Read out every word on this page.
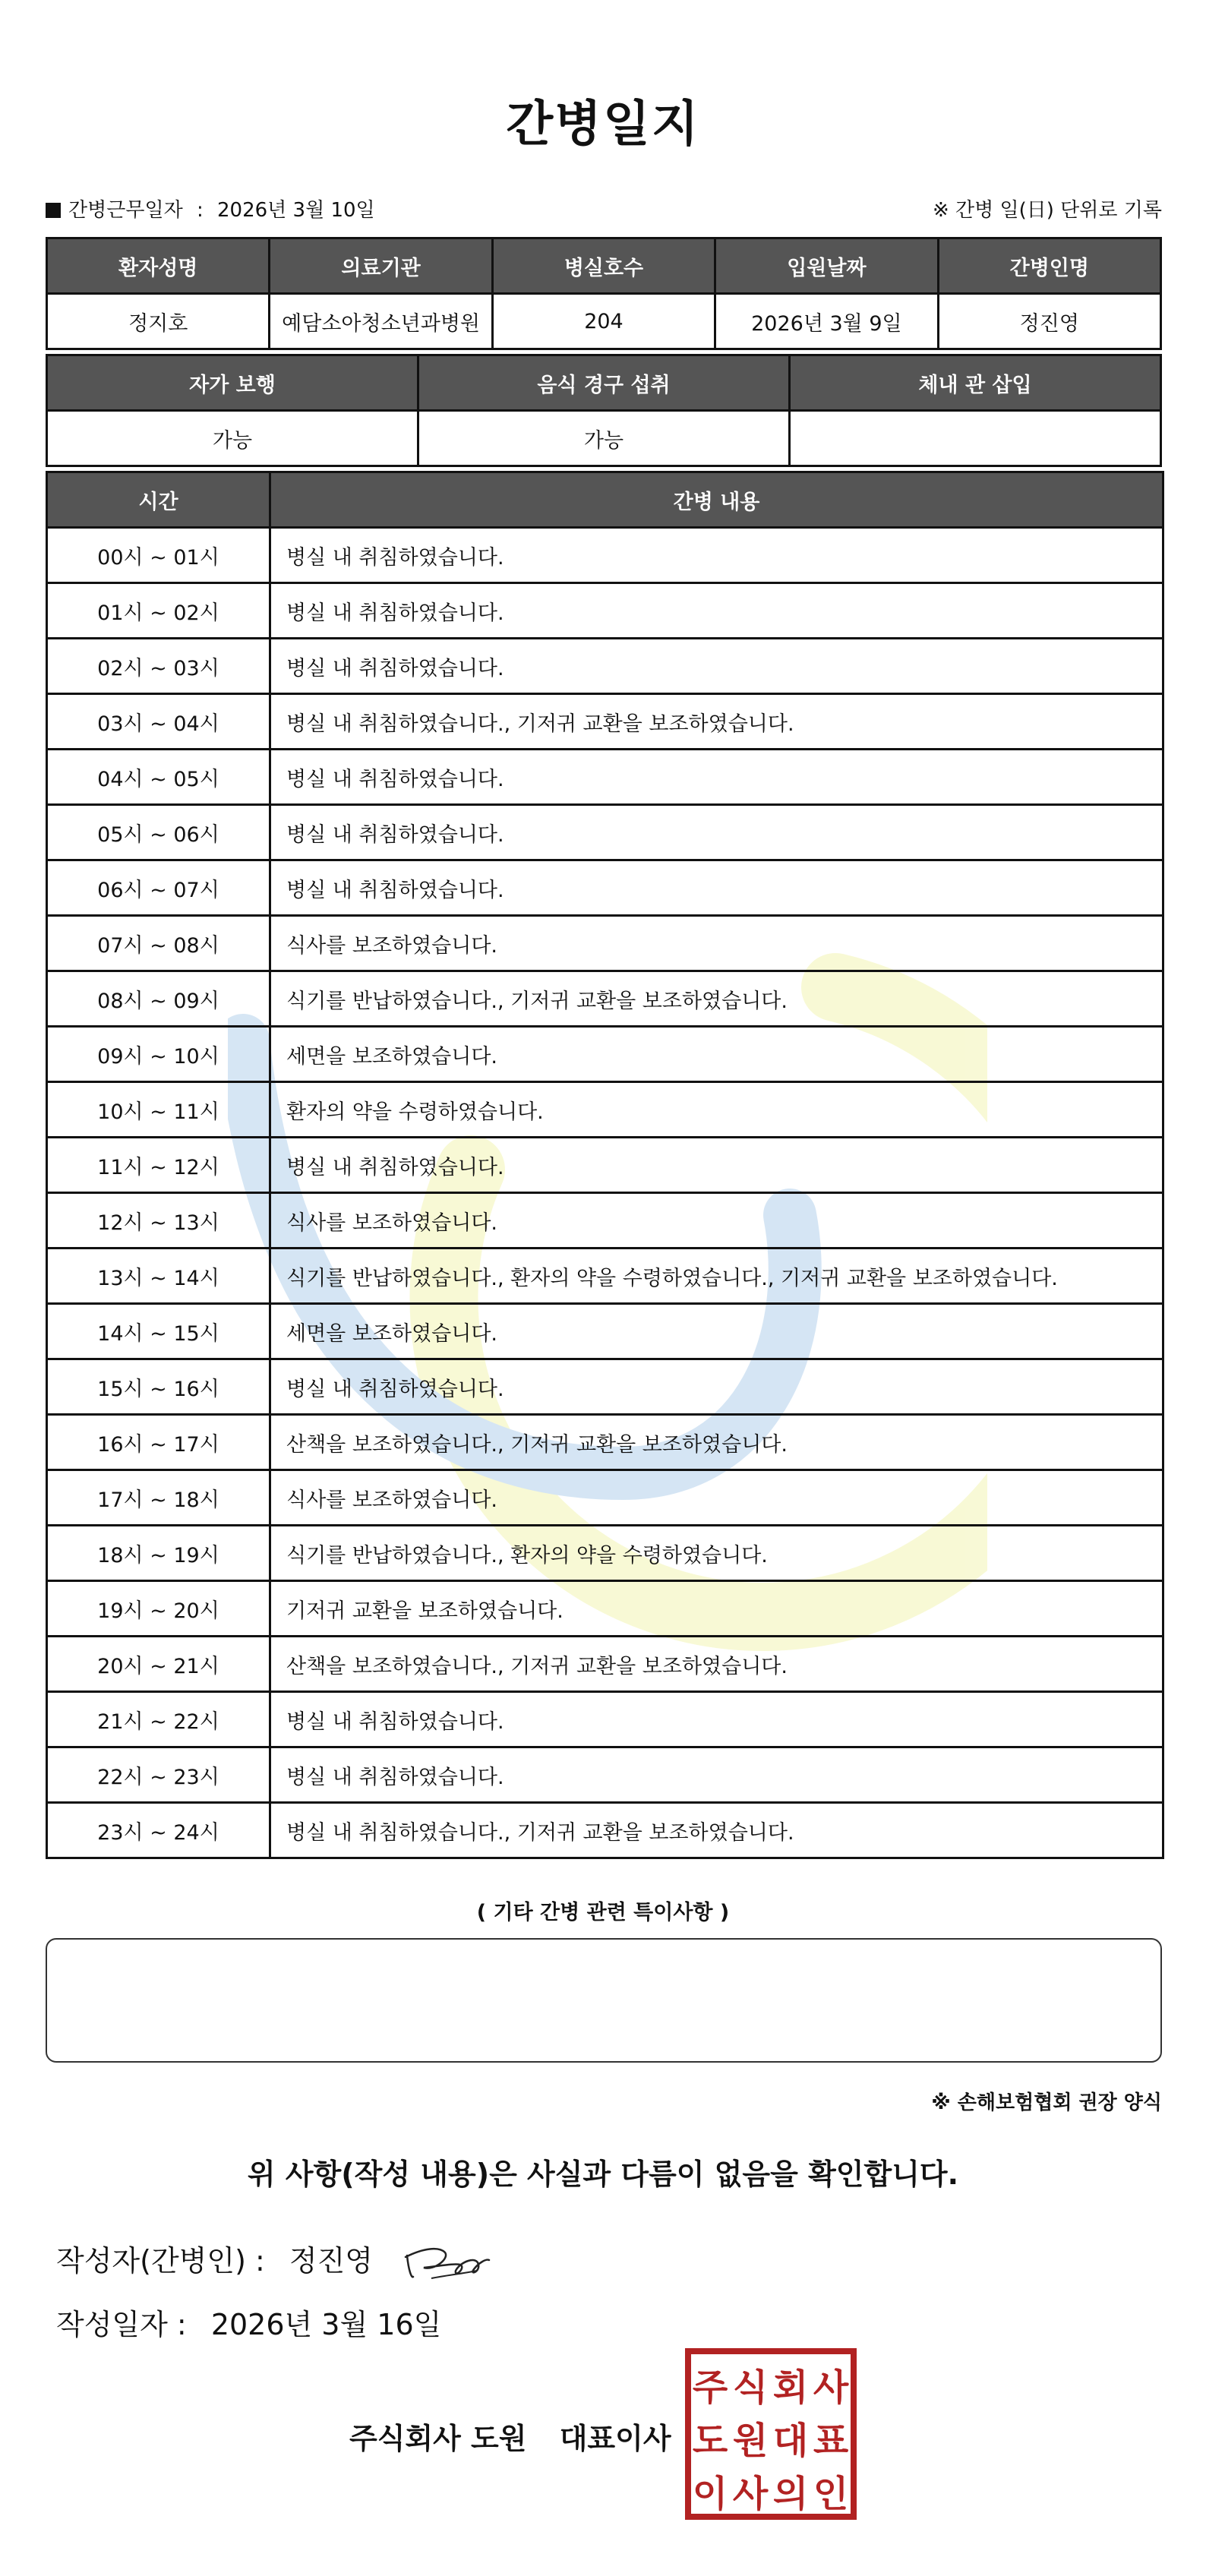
간병일지
간병근무일자 : 2026년 3월 10일	※ 간병 일(日) 단위로 기록
환자성명	의료기관	병실호수	입원날짜	간병인명
정지호	예담소아청소년과병원	204	2026년 3월 9일	정진영
자가 보행	음식 경구 섭취	체내 관 삽입
가능	가능	
시간	간병 내용
00시 ~ 01시	병실 내 취침하였습니다.
01시 ~ 02시	병실 내 취침하였습니다.
02시 ~ 03시	병실 내 취침하였습니다.
03시 ~ 04시	병실 내 취침하였습니다., 기저귀 교환을 보조하였습니다.
04시 ~ 05시	병실 내 취침하였습니다.
05시 ~ 06시	병실 내 취침하였습니다.
06시 ~ 07시	병실 내 취침하였습니다.
07시 ~ 08시	식사를 보조하였습니다.
08시 ~ 09시	식기를 반납하였습니다., 기저귀 교환을 보조하였습니다.
09시 ~ 10시	세면을 보조하였습니다.
10시 ~ 11시	환자의 약을 수령하였습니다.
11시 ~ 12시	병실 내 취침하였습니다.
12시 ~ 13시	식사를 보조하였습니다.
13시 ~ 14시	식기를 반납하였습니다., 환자의 약을 수령하였습니다., 기저귀 교환을 보조하였습니다.
14시 ~ 15시	세면을 보조하였습니다.
15시 ~ 16시	병실 내 취침하였습니다.
16시 ~ 17시	산책을 보조하였습니다., 기저귀 교환을 보조하였습니다.
17시 ~ 18시	식사를 보조하였습니다.
18시 ~ 19시	식기를 반납하였습니다., 환자의 약을 수령하였습니다.
19시 ~ 20시	기저귀 교환을 보조하였습니다.
20시 ~ 21시	산책을 보조하였습니다., 기저귀 교환을 보조하였습니다.
21시 ~ 22시	병실 내 취침하였습니다.
22시 ~ 23시	병실 내 취침하였습니다.
23시 ~ 24시	병실 내 취침하였습니다., 기저귀 교환을 보조하였습니다.
( 기타 간병 관련 특이사항 )
※ 손해보험협회 권장 양식
위 사항(작성 내용)은 사실과 다름이 없음을 확인합니다.
작성자(간병인) : 정진영
작성일자 : 2026년 3월 16일
주식회사 도원 대표이사
주 식 회 사
도 원 대 표
이 사 의 인
